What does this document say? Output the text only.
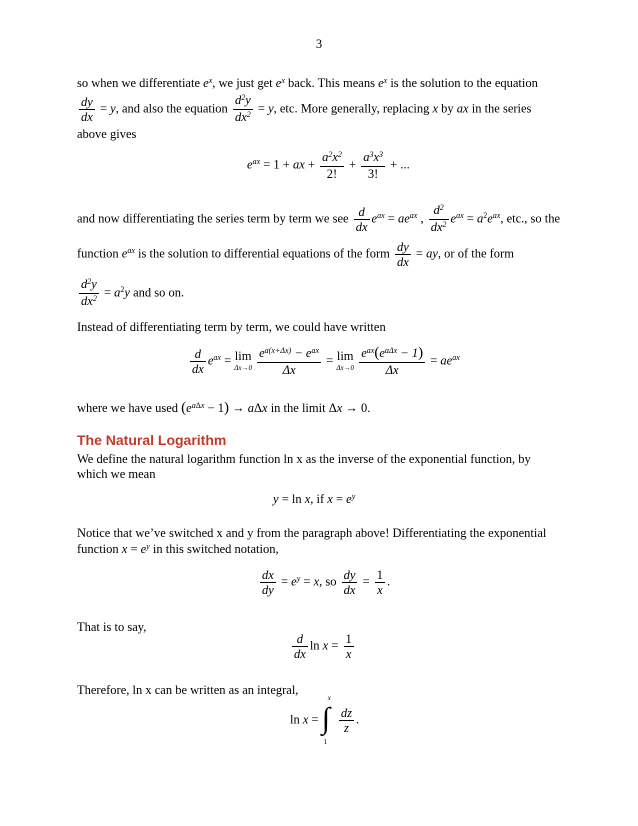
3
so when we differentiate $e^x$, we just get $e^x$ back. This means $e^x$ is the solution to the equation
$\frac{dy}{dx} = y$, and also the equation $\frac{d^2y}{dx^2} = y$, etc. More generally, replacing x by ax in the series
above gives
$e^{ax} = 1$ + ax + $\frac{a^2x^2}{2!} + \frac{a^3x^3}{3!}$ + ...
and now differentiating the series term by term we see $\frac{d}{dx} e^{ax} = ae^{ax}$ , $\frac{d^2}{dx^2} e^{ax} = a^2e^{ax}$, etc., so the
function $e^{ax}$ is the solution to differential equations of the form $\frac{dy}{dx}$ = ay, or of the form
$\frac{d^2y}{dx^2} = a^2y$ and so on.
Instead of differentiating term by term, we could have written
$\frac{d}{dx} e^{ax} = \lim$
Δx→0
$\frac{e^{a(x+\Delta x)} - e^{ax}}{\Delta x} = \lim$
Δx→0
$\frac{e^{ax}(e^{a\Delta x} - 1)}{\Delta x} = ae^{ax}$
where we have used $(e^{a\Delta x} - 1) \to a\Delta x$ in the limit Δx → 0.
The Natural Logarithm
We define the natural logarithm function ln x as the inverse of the exponential function, by
which we mean
y = ln x, if $x = e^y$
Notice that we’ve switched x and y from the paragraph above! Differentiating the exponential
function $x = e^y$ in this switched notation,
$\frac{dx}{dy} = e^y = x$, so $\frac{dy}{dx} = \frac{1}{x}$ .
That is to say,
$\frac{d}{dx}$ $\ln x = \frac{1}{x}$
Therefore, ln x can be written as an integral,
ln x = ∫
x
1

$\frac{dz}{z}$ .
